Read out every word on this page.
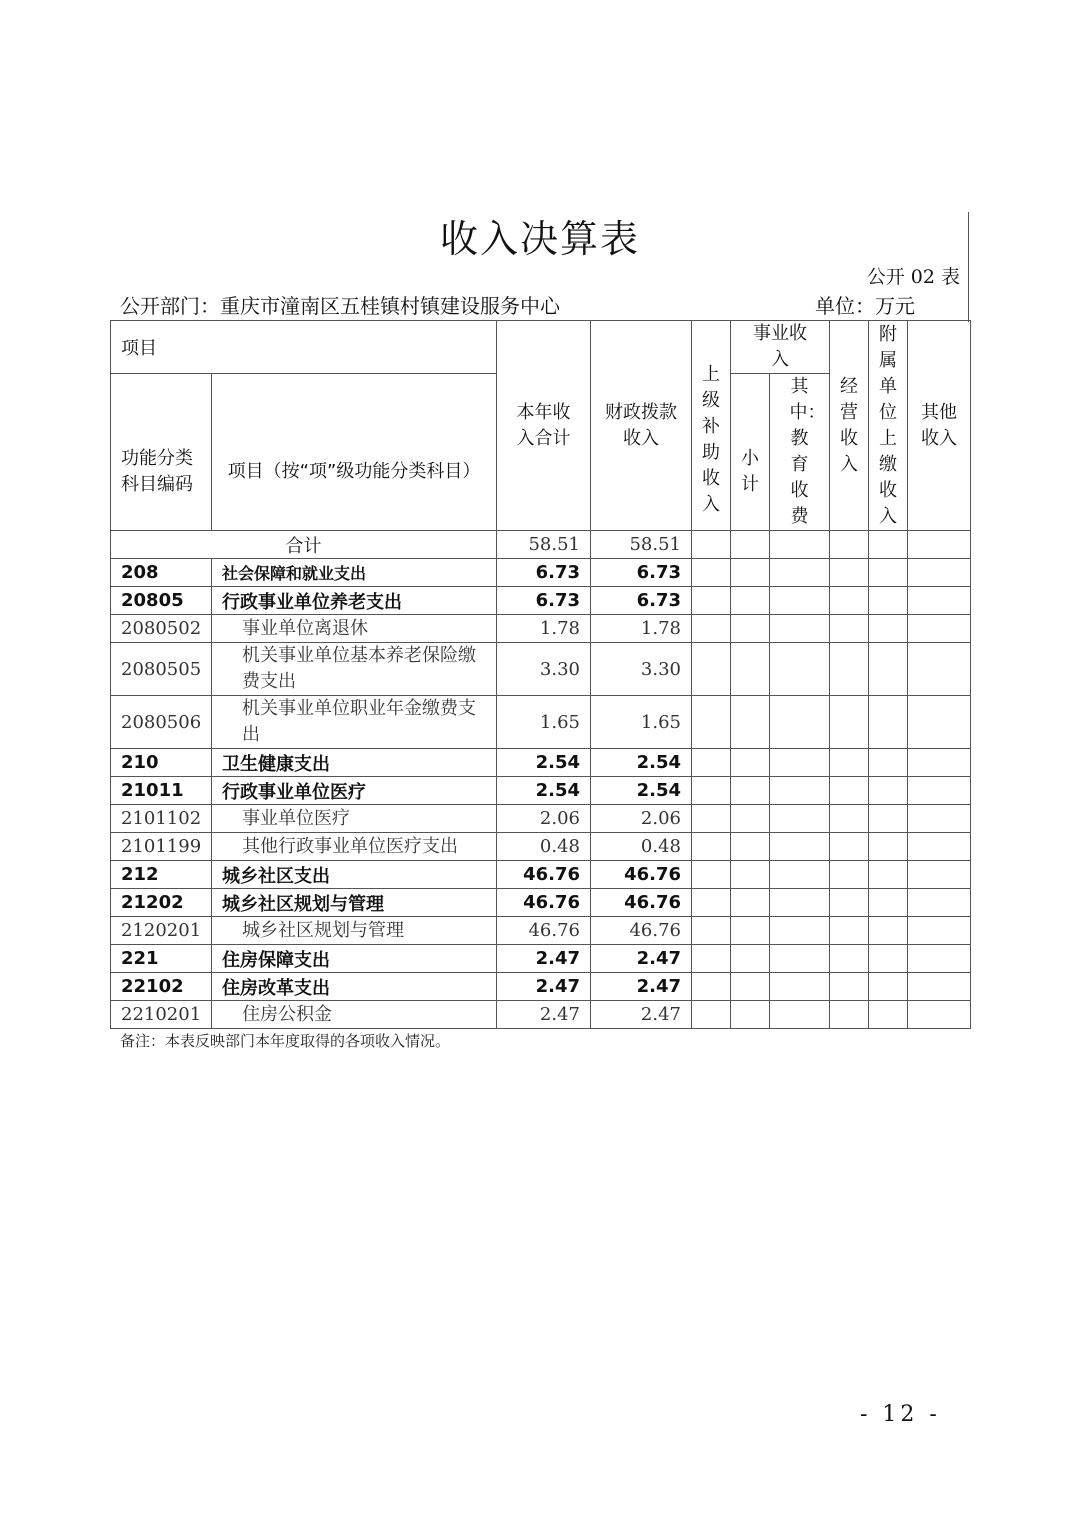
收入决算表
公开 02 表
公开部门：重庆市潼南区五桂镇村镇建设服务中心	单位：万元
项目		本年收入合计	财政拨款收入	上级补助收入	事业收入		经营收入	附属单位上缴收入	其他收入

功能分类科目编码	项目（按“项”级功能分类科目）				小计	其中：教育收费			

合计		58.51	58.51						
208	社会保障和就业支出	6.73	6.73						
20805	行政事业单位养老支出	6.73	6.73						
2080502	事业单位离退休	1.78	1.78						
2080505	机关事业单位基本养老保险缴费支出	3.30	3.30						
2080506	机关事业单位职业年金缴费支出	1.65	1.65						
210	卫生健康支出	2.54	2.54						
21011	行政事业单位医疗	2.54	2.54						
2101102	事业单位医疗	2.06	2.06						
2101199	其他行政事业单位医疗支出	0.48	0.48						
212	城乡社区支出	46.76	46.76						
21202	城乡社区规划与管理	46.76	46.76						
2120201	城乡社区规划与管理	46.76	46.76						
221	住房保障支出	2.47	2.47						
22102	住房改革支出	2.47	2.47						
2210201	住房公积金	2.47	2.47						
备注：本表反映部门本年度取得的各项收入情况。
- 12 -
